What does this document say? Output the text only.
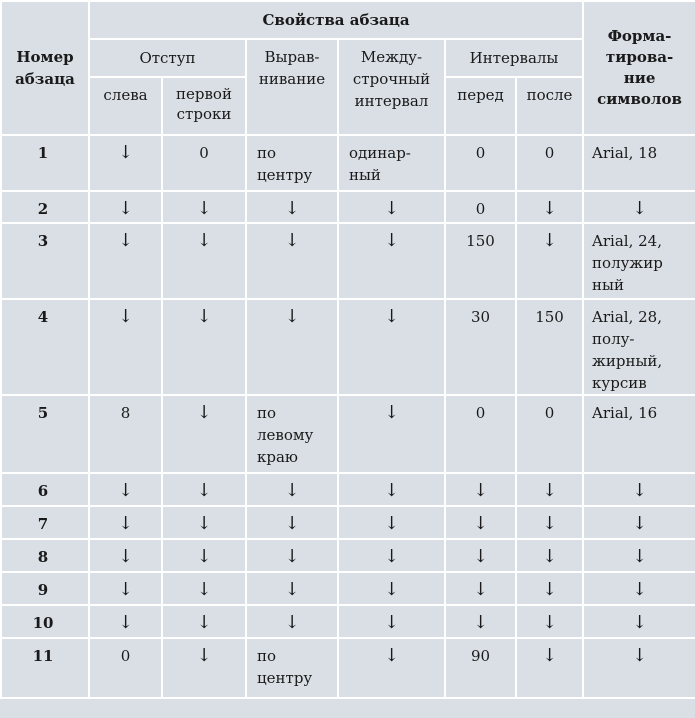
Номер абзаца	Свойства абзаца						Форма-
тирова-
ние
символов

	Отступ		Вырав-
нивание	Между-
строчный
интервал	Интервалы		

	слева	первой строки			перед	после	

1	↓	0	по
центру	одинар-
ный	0	0	Arial, 18
2	↓	↓	↓	↓	0	↓	↓
3	↓	↓	↓	↓	150	↓	Arial, 24,
полужир
ный
4	↓	↓	↓	↓	30	150	Arial, 28,
полу-
жирный,
курсив
5	8	↓	по
левому
краю	↓	0	0	Arial, 16
6	↓	↓	↓	↓	↓	↓	↓
7	↓	↓	↓	↓	↓	↓	↓
8	↓	↓	↓	↓	↓	↓	↓
9	↓	↓	↓	↓	↓	↓	↓
10	↓	↓	↓	↓	↓	↓	↓
11	0	↓	по
центру	↓	90	↓	↓
